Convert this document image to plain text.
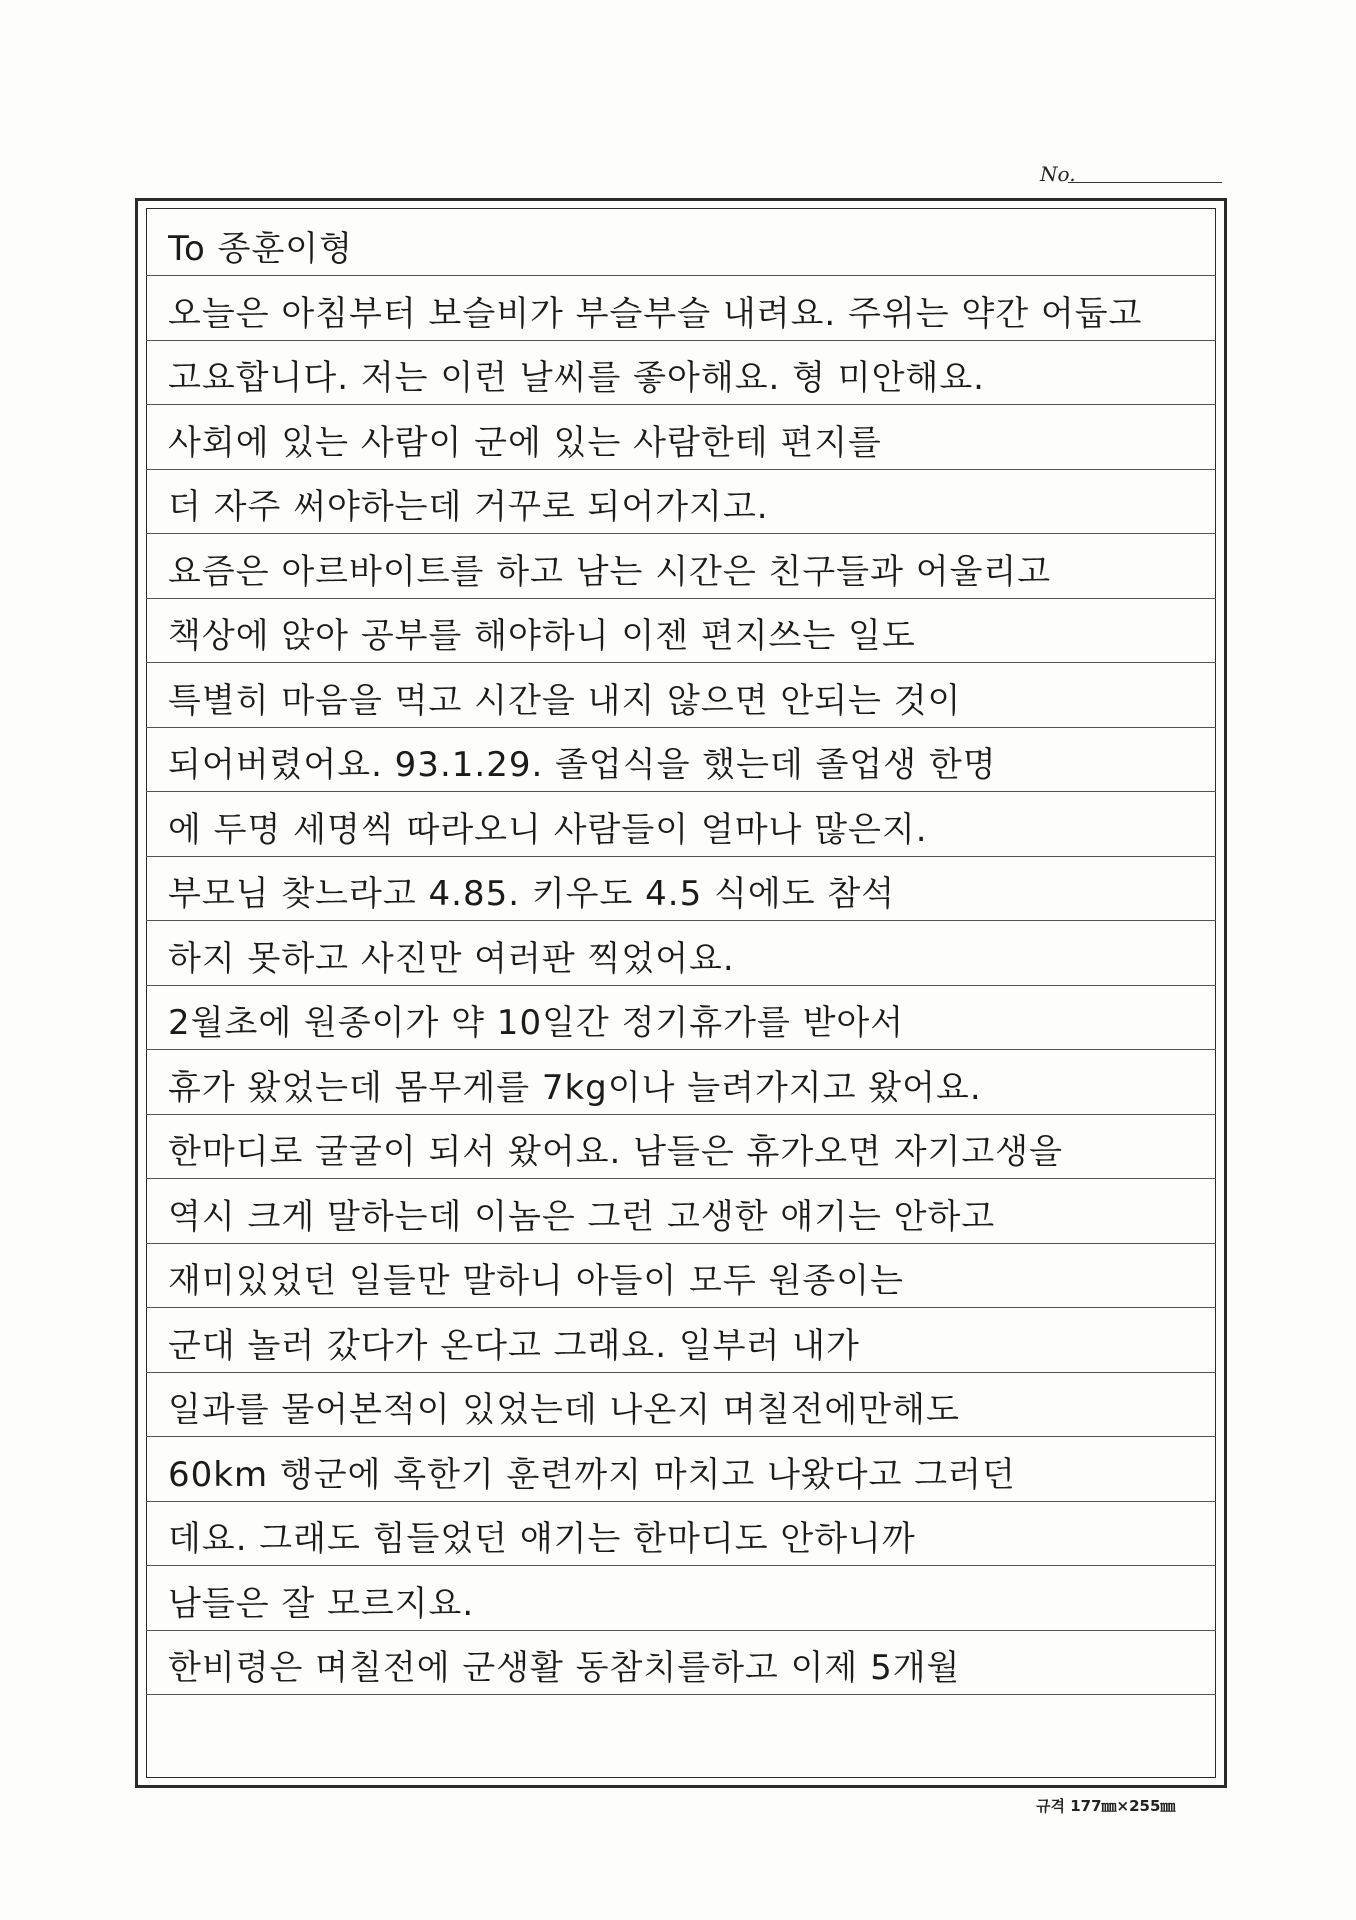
No.
To 종훈이형
오늘은 아침부터 보슬비가 부슬부슬 내려요. 주위는 약간 어둡고
고요합니다. 저는 이런 날씨를 좋아해요. 형 미안해요.
사회에 있는 사람이 군에 있는 사람한테 편지를
더 자주 써야하는데 거꾸로 되어가지고.
요즘은 아르바이트를 하고 남는 시간은 친구들과 어울리고
책상에 앉아 공부를 해야하니 이젠 편지쓰는 일도
특별히 마음을 먹고 시간을 내지 않으면 안되는 것이
되어버렸어요. 93.1.29. 졸업식을 했는데 졸업생 한명
에 두명 세명씩 따라오니 사람들이 얼마나 많은지.
부모님 찾느라고 4.85. 키우도 4.5 식에도 참석
하지 못하고 사진만 여러판 찍었어요.
2월초에 원종이가 약 10일간 정기휴가를 받아서
휴가 왔었는데 몸무게를 7kg이나 늘려가지고 왔어요.
한마디로 굴굴이 되서 왔어요. 남들은 휴가오면 자기고생을
역시 크게 말하는데 이놈은 그런 고생한 얘기는 안하고
재미있었던 일들만 말하니 아들이 모두 원종이는
군대 놀러 갔다가 온다고 그래요. 일부러 내가
일과를 물어본적이 있었는데 나온지 며칠전에만해도
60km 행군에 혹한기 훈련까지 마치고 나왔다고 그러던
데요. 그래도 힘들었던 얘기는 한마디도 안하니까
남들은 잘 모르지요.
한비령은 며칠전에 군생활 동참치를하고 이제 5개월
규격 177㎜×255㎜
